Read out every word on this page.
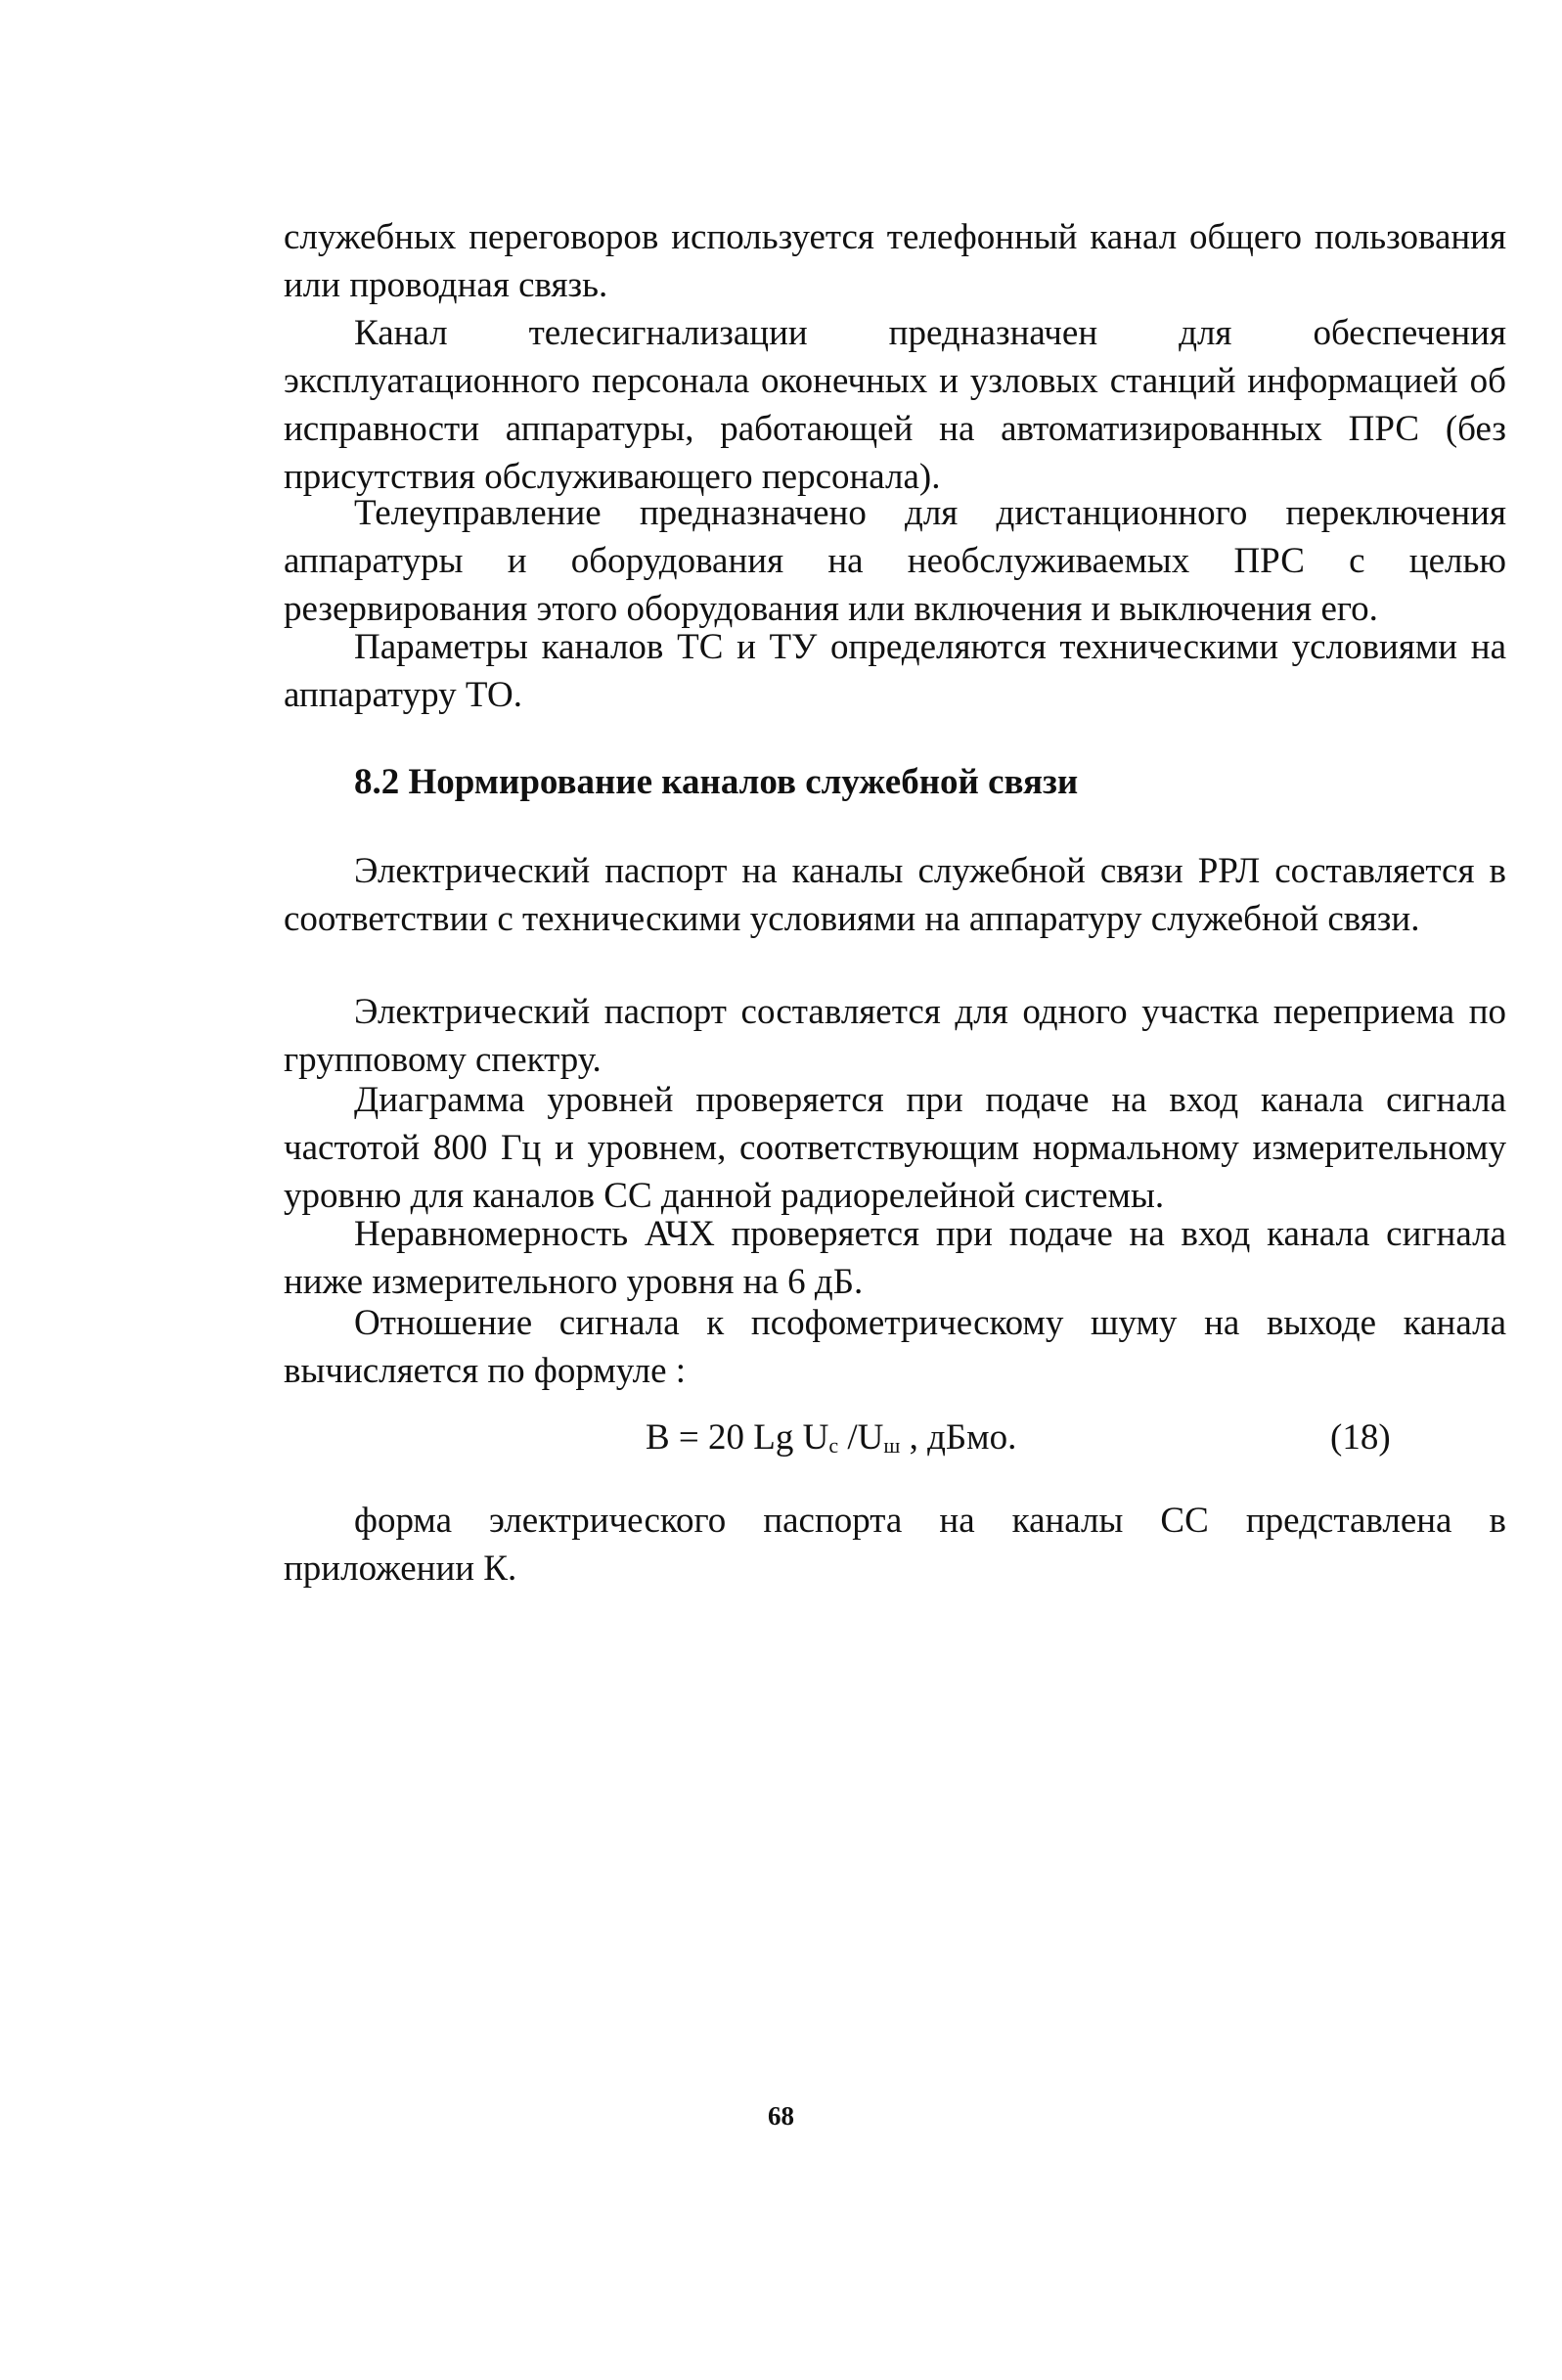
служебных переговоров используется телефонный канал общего пользования или проводная связь.

Канал телесигнализации предназначен для обеспечения эксплуатационного персонала оконечных и узловых станций информацией об исправности аппаратуры, работающей на автоматизированных ПРС (без присутствия обслуживающего персонала).

Телеуправление предназначено для дистанционного переключения аппаратуры и оборудования на необслуживаемых ПРС с целью резервирования этого оборудования или включения и выключения его.

Параметры каналов ТС и ТУ определяются техническими условиями на аппаратуру ТО.

8.2 Нормирование каналов служебной связи

Электрический паспорт на каналы служебной связи РРЛ составляется в соответствии с техническими условиями на аппаратуру служебной связи.

Электрический паспорт составляется для одного участка переприема по групповому спектру.

Диаграмма уровней проверяется при подаче на вход канала сигнала частотой 800 Гц и уровнем, соответствующим нормальному измерительному уровню для каналов СС данной радиорелейной системы.

Неравномерность АЧХ проверяется при подаче на вход канала сигнала ниже измерительного уровня на 6 дБ.

Отношение сигнала к псофометрическому шуму на выходе канала вычисляется по формуле :

B = 20 Lg $U_c$ $/U_ш$ , дБмо.	(18)

форма электрического паспорта на каналы СС представлена в приложении К.

68
